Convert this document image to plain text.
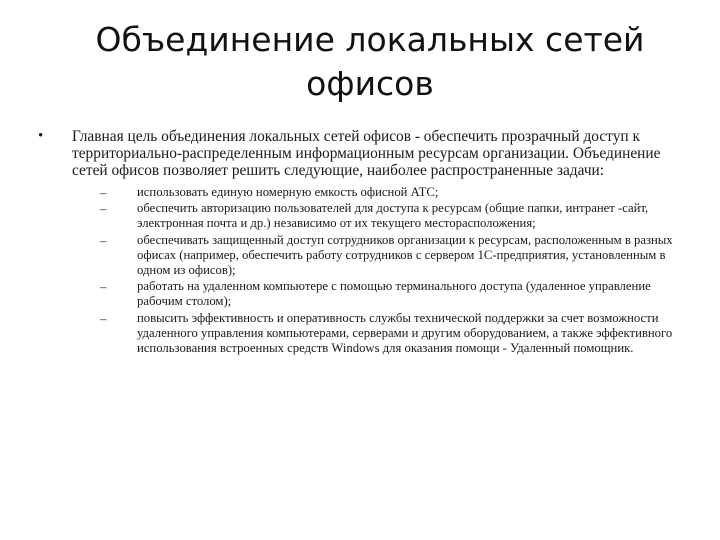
Объединение локальных сетей офисов
•	Главная цель объединения локальных сетей офисов - обеспечить прозрачный доступ к территориально-распределенным информационным ресурсам организации. Объединение сетей офисов позволяет решить следующие, наиболее распространенные задачи:

–	использовать единую номерную емкость офисной АТС;
–	обеспечить авторизацию пользователей для доступа к ресурсам (общие папки, интранет -сайт, электронная почта и др.) независимо от их текущего месторасположения;
–	обеспечивать защищенный доступ сотрудников организации к ресурсам, расположенным в разных офисах (например, обеспечить работу сотрудников с сервером 1С-предприятия, установленным в одном из офисов);
–	работать на удаленном компьютере с помощью терминального доступа (удаленное управление рабочим столом);
–	повысить эффективность и оперативность службы технической поддержки за счет возможности удаленного управления компьютерами, серверами и другим оборудованием, а также эффективного использования встроенных средств Windows для оказания помощи - Удаленный помощник.
